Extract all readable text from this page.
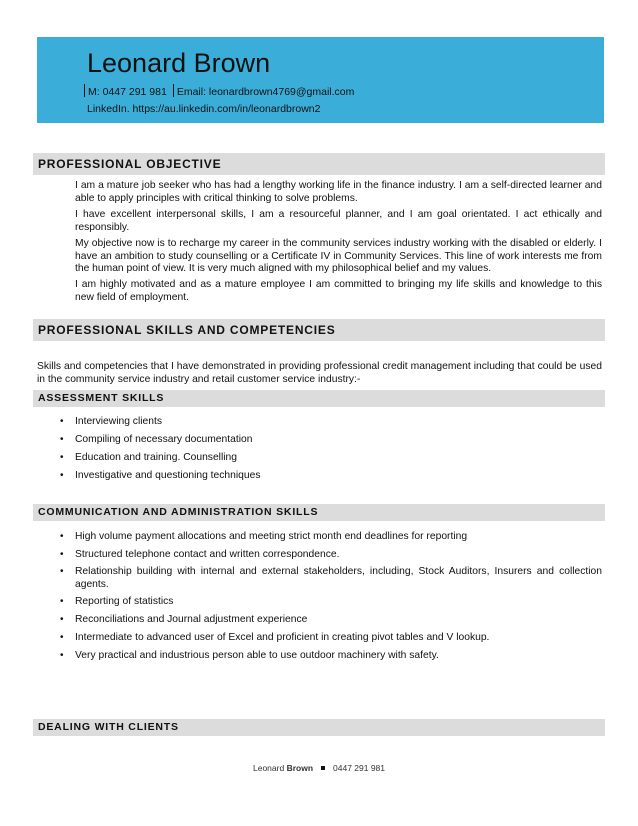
Leonard Brown
M: 0447 291 981 Email: leonardbrown4769@gmail.com
LinkedIn. https://au.linkedin.com/in/leonardbrown2
PROFESSIONAL OBJECTIVE

I am a mature job seeker who has had a lengthy working life in the finance industry. I am a self-directed learner and able to apply principles with critical thinking to solve problems.

I have excellent interpersonal skills, I am a resourceful planner, and I am goal orientated. I act ethically and responsibly.

My objective now is to recharge my career in the community services industry working with the disabled or elderly. I have an ambition to study counselling or a Certificate IV in Community Services. This line of work interests me from the human point of view. It is very much aligned with my philosophical belief and my values.

I am highly motivated and as a mature employee I am committed to bringing my life skills and knowledge to this new field of employment.

PROFESSIONAL SKILLS AND COMPETENCIES

Skills and competencies that I have demonstrated in providing professional credit management including that could be used in the community service industry and retail customer service industry:-

ASSESSMENT SKILLS
• Interviewing clients
• Compiling of necessary documentation
• Education and training. Counselling
• Investigative and questioning techniques
COMMUNICATION AND ADMINISTRATION SKILLS
• High volume payment allocations and meeting strict month end deadlines for reporting
• Structured telephone contact and written correspondence.
• Relationship building with internal and external stakeholders, including, Stock Auditors, Insurers and collection agents.
• Reporting of statistics
• Reconciliations and Journal adjustment experience
• Intermediate to advanced user of Excel and proficient in creating pivot tables and V lookup.
• Very practical and industrious person able to use outdoor machinery with safety.
DEALING WITH CLIENTS
Leonard Brown 0447 291 981
